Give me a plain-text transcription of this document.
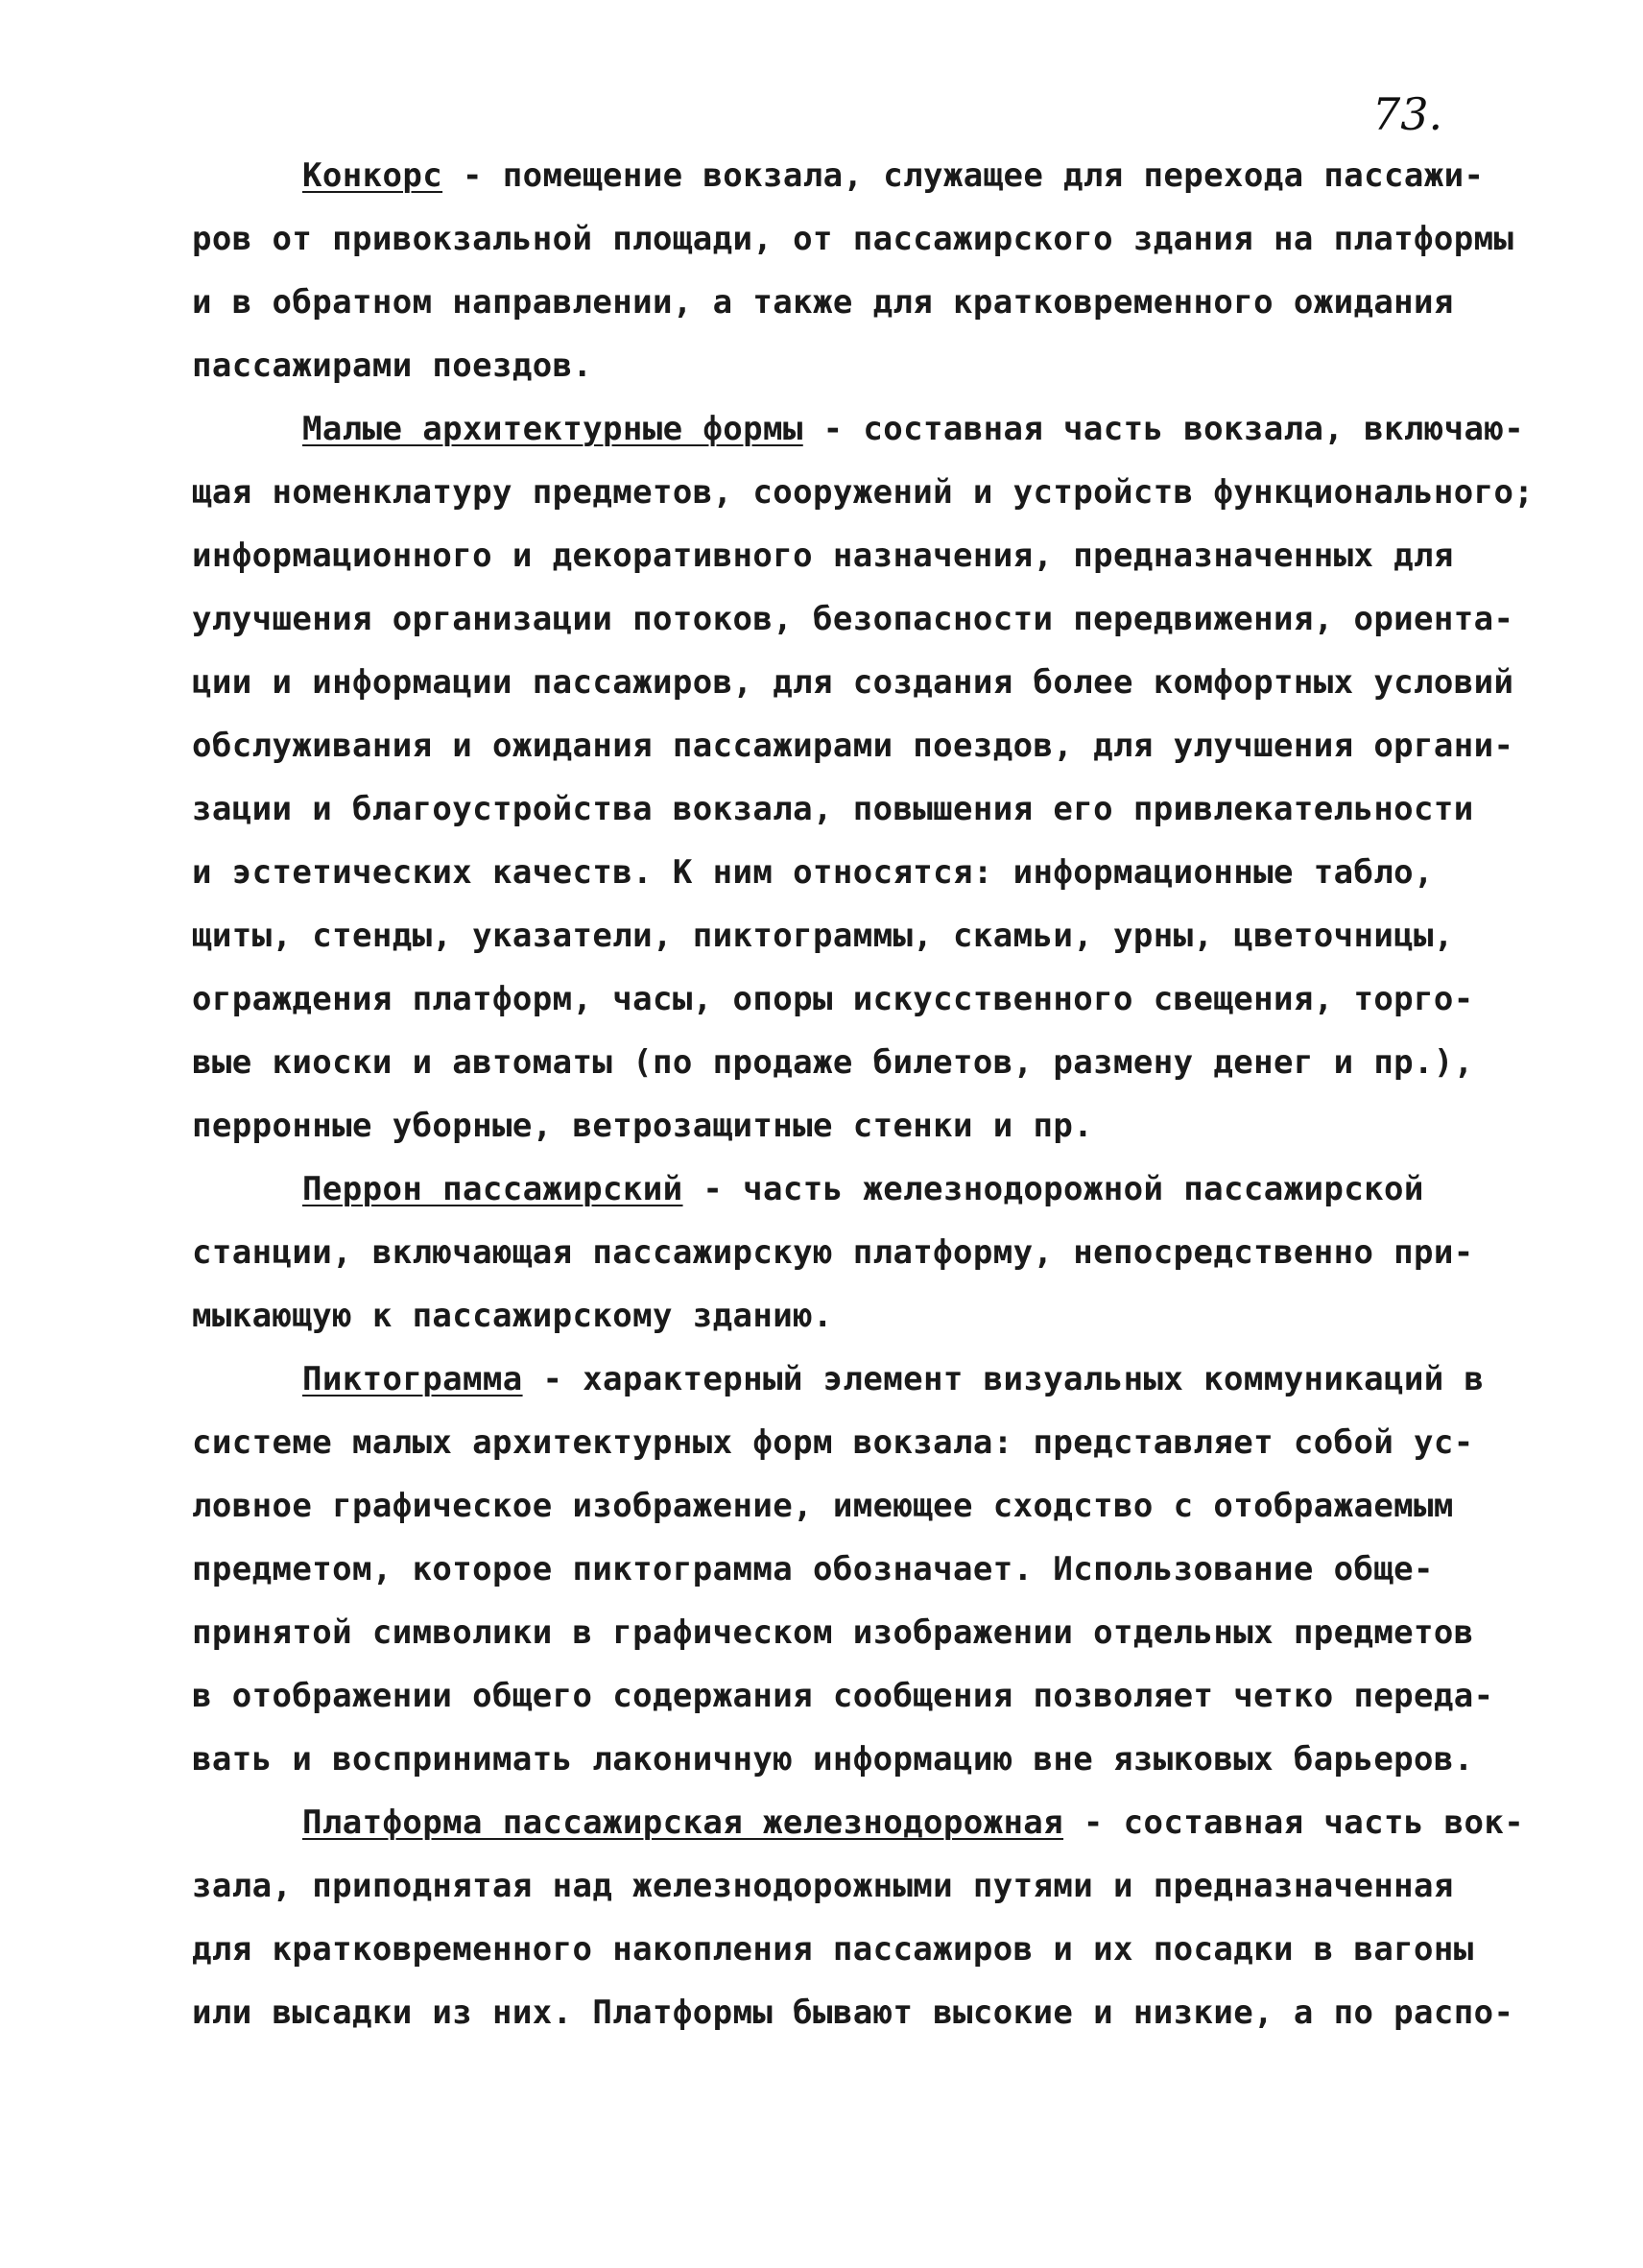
73.
Конкорс - помещение вокзала, служащее для перехода пассажи-
ров от привокзальной площади, от пассажирского здания на платформы
и в обратном направлении, а также для кратковременного ожидания
пассажирами поездов.
Малые архитектурные формы - составная часть вокзала, включаю-
щая номенклатуру предметов, сооружений и устройств функционального;
информационного и декоративного назначения, предназначенных для
улучшения организации потоков, безопасности передвижения, ориента-
ции и информации пассажиров, для создания более комфортных условий
обслуживания и ожидания пассажирами поездов, для улучшения органи-
зации и благоустройства вокзала, повышения его привлекательности
и эстетических качеств. К ним относятся: информационные табло,
щиты, стенды, указатели, пиктограммы, скамьи, урны, цветочницы,
ограждения платформ, часы, опоры искусственного свещения, торго-
вые киоски и автоматы (по продаже билетов, размену денег и пр.),
перронные уборные, ветрозащитные стенки и пр.
Перрон пассажирский - часть железнодорожной пассажирской
станции, включающая пассажирскую платформу, непосредственно при-
мыкающую к пассажирскому зданию.
Пиктограмма - характерный элемент визуальных коммуникаций в
системе малых архитектурных форм вокзала: представляет собой ус-
ловное графическое изображение, имеющее сходство с отображаемым
предметом, которое пиктограмма обозначает. Использование обще-
принятой символики в графическом изображении отдельных предметов
в отображении общего содержания сообщения позволяет четко переда-
вать и воспринимать лаконичную информацию вне языковых барьеров.
Платформа пассажирская железнодорожная - составная часть вок-
зала, приподнятая над железнодорожными путями и предназначенная
для кратковременного накопления пассажиров и их посадки в вагоны
или высадки из них. Платформы бывают высокие и низкие, а по распо-
